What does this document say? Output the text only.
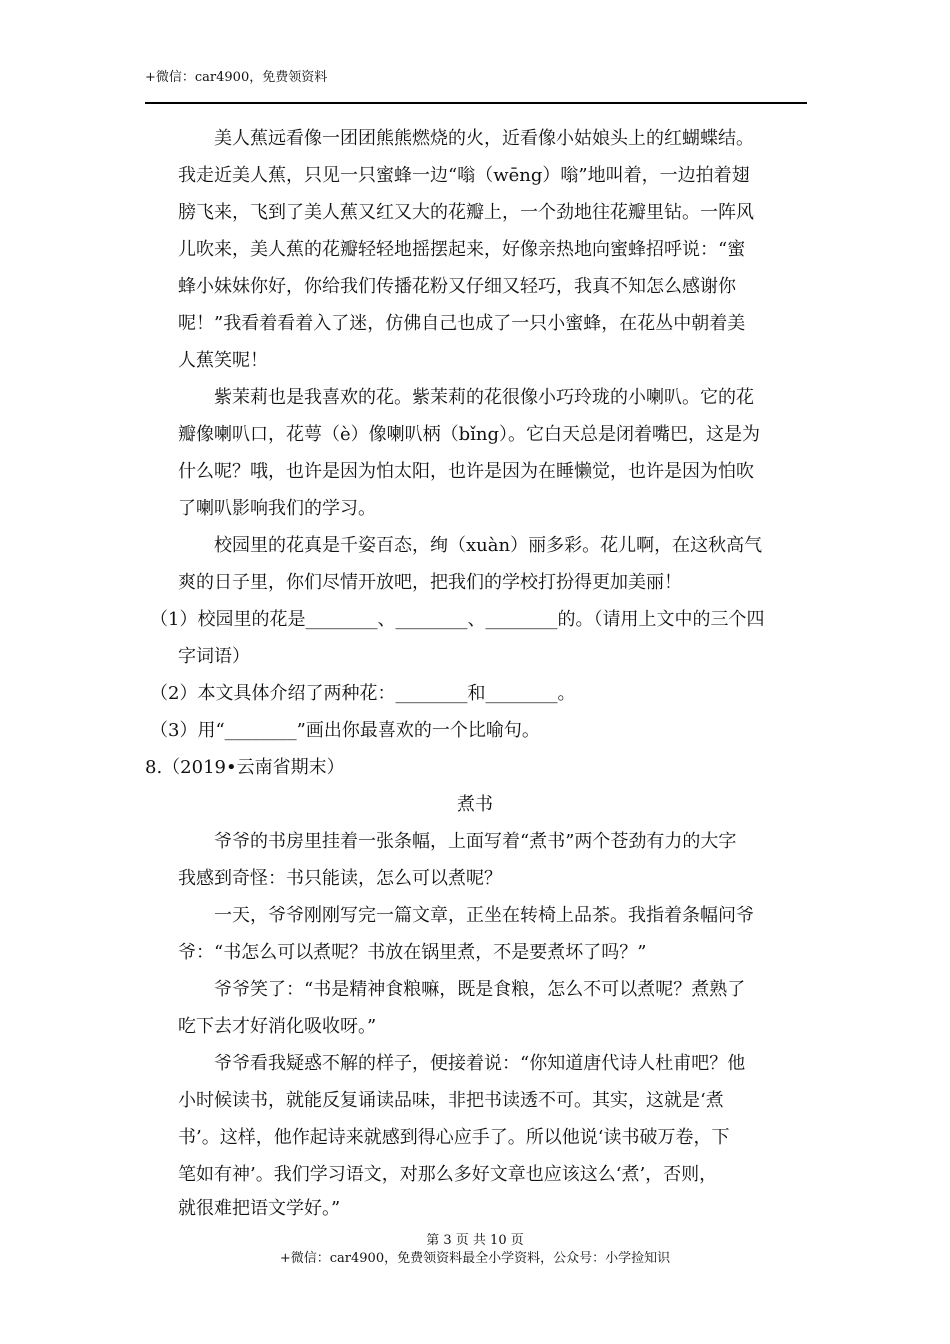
+微信：car4900，免费领资料
　　美人蕉远看像一团团熊熊燃烧的火，近看像小姑娘头上的红蝴蝶结。
我走近美人蕉，只见一只蜜蜂一边“嗡（wēng）嗡”地叫着，一边拍着翅
膀飞来，飞到了美人蕉又红又大的花瓣上，一个劲地往花瓣里钻。一阵风
儿吹来，美人蕉的花瓣轻轻地摇摆起来，好像亲热地向蜜蜂招呼说：“蜜
蜂小妹妹你好，你给我们传播花粉又仔细又轻巧，我真不知怎么感谢你
呢！”我看着看着入了迷，仿佛自己也成了一只小蜜蜂，在花丛中朝着美
人蕉笑呢！
　　紫茉莉也是我喜欢的花。紫茉莉的花很像小巧玲珑的小喇叭。它的花
瓣像喇叭口，花萼（è）像喇叭柄（bǐng）。它白天总是闭着嘴巴，这是为
什么呢？哦，也许是因为怕太阳，也许是因为在睡懒觉，也许是因为怕吹
了喇叭影响我们的学习。
　　校园里的花真是千姿百态，绚（xuàn）丽多彩。花儿啊，在这秋高气
爽的日子里，你们尽情开放吧，把我们的学校打扮得更加美丽！
（1）校园里的花是________、________、________的。（请用上文中的三个四
字词语）
（2）本文具体介绍了两种花：________和________。
（3）用“________”画出你最喜欢的一个比喻句。
8.（2019•云南省期末）
煮书
　　爷爷的书房里挂着一张条幅，上面写着“煮书”两个苍劲有力的大字
我感到奇怪：书只能读，怎么可以煮呢？
　　一天，爷爷刚刚写完一篇文章，正坐在转椅上品茶。我指着条幅问爷
爷：“书怎么可以煮呢？书放在锅里煮，不是要煮坏了吗？”
　　爷爷笑了：“书是精神食粮嘛，既是食粮，怎么不可以煮呢？煮熟了
吃下去才好消化吸收呀。”
　　爷爷看我疑惑不解的样子，便接着说：“你知道唐代诗人杜甫吧？他
小时候读书，就能反复诵读品味，非把书读透不可。其实，这就是‘煮
书’。这样，他作起诗来就感到得心应手了。所以他说‘读书破万卷，下
笔如有神’。我们学习语文，对那么多好文章也应该这么‘煮’，否则，
就很难把语文学好。”
第 3 页 共 10 页
+微信：car4900，免费领资料最全小学资料，公众号：小学捡知识
